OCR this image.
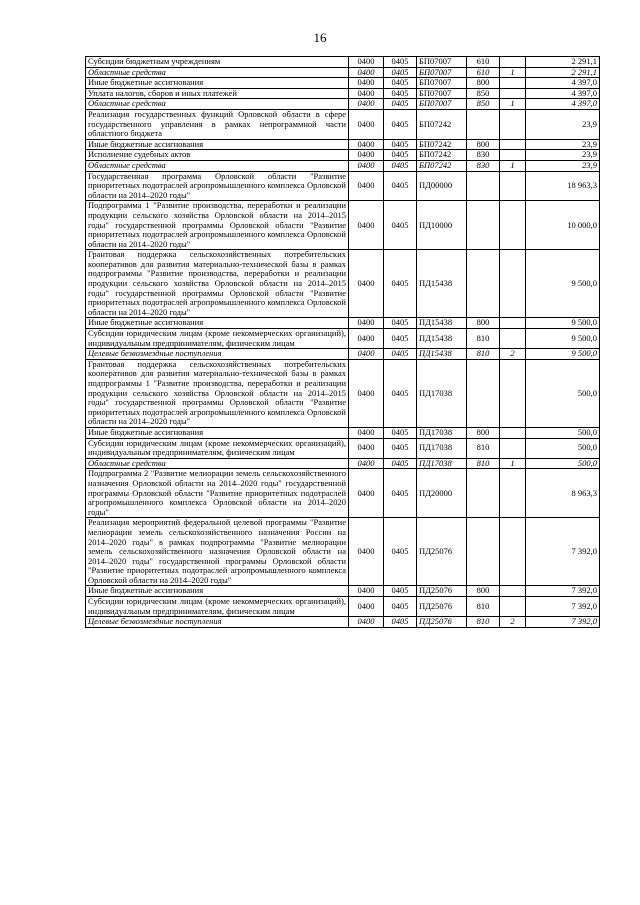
16
Субсидии бюджетным учреждениям	0400	0405	БП07007	610		2 291,1
Областные средства	0400	0405	БП07007	610	1	2 291,1
Иные бюджетные ассигнования	0400	0405	БП07007	800		4 397,0
Уплата налогов, сборов и иных платежей	0400	0405	БП07007	850		4 397,0
Областные средства	0400	0405	БП07007	850	1	4 397,0
Реализация государственных функций Орловской области в сфере государственного управления в рамках непрограммной части областного бюджета	0400	0405	БП07242			23,9
Иные бюджетные ассигнования	0400	0405	БП07242	800		23,9
Исполнение судебных актов	0400	0405	БП07242	830		23,9
Областные средства	0400	0405	БП07242	830	1	23,9
Государственная программа Орловской области "Развитие приоритетных подотраслей агропромышленного комплекса Орловской области на 2014–2020 годы"	0400	0405	ПД00000			18 963,3
Подпрограмма 1 "Развитие производства, переработки и реализации продукции сельского хозяйства Орловской области на 2014–2015 годы" государственной программы Орловской области "Развитие приоритетных подотраслей агропромышленного комплекса Орловской области на 2014–2020 годы"	0400	0405	ПД10000			10 000,0
Грантовая поддержка сельскохозяйственных потребительских кооперативов для развития материально-технической базы в рамках подпрограммы "Развитие производства, переработки и реализации продукции сельского хозяйства Орловской области на 2014–2015 годы" государственной программы Орловской области "Развитие приоритетных подотраслей агропромышленного комплекса Орловской области на 2014–2020 годы"	0400	0405	ПД15438			9 500,0
Иные бюджетные ассигнования	0400	0405	ПД15438	800		9 500,0
Субсидии юридическим лицам (кроме некоммерческих организаций), индивидуальным предпринимателям, физическим лицам	0400	0405	ПД15438	810		9 500,0
Целевые безвозмездные поступления	0400	0405	ПД15438	810	2	9 500,0
Грантовая поддержка сельскохозяйственных потребительских кооперативов для развития материально-технической базы в рамках подпрограммы 1 "Развитие производства, переработки и реализации продукции сельского хозяйства Орловской области на 2014–2015 годы" государственной программы Орловской области "Развитие приоритетных подотраслей агропромышленного комплекса Орловской области на 2014–2020 годы"	0400	0405	ПД17038			500,0
Иные бюджетные ассигнования	0400	0405	ПД17038	800		500,0
Субсидии юридическим лицам (кроме некоммерческих организаций), индивидуальным предпринимателям, физическим лицам	0400	0405	ПД17038	810		500,0
Областные средства	0400	0405	ПД17038	810	1	500,0
Подпрограмма 2 "Развитие мелиорации земель сельскохозяйственного назначения Орловской области на 2014–2020 годы" государственной программы Орловской области "Развитие приоритетных подотраслей агропромышленного комплекса Орловской области на 2014–2020 годы"	0400	0405	ПД20000			8 963,3
Реализация мероприятий федеральной целевой программы "Развитие мелиорации земель сельскохозяйственного назначения России на 2014–2020 годы" в рамках подпрограммы "Развитие мелиорации земель сельскохозяйственного назначения Орловской области на 2014–2020 годы" государственной программы Орловской области "Развитие приоритетных подотраслей агропромышленного комплекса Орловской области на 2014–2020 годы"	0400	0405	ПД25076			7 392,0
Иные бюджетные ассигнования	0400	0405	ПД25076	800		7 392,0
Субсидии юридическим лицам (кроме некоммерческих организаций), индивидуальным предпринимателям, физическим лицам	0400	0405	ПД25076	810		7 392,0
Целевые безвозмездные поступления	0400	0405	ПД25076	810	2	7 392,0
